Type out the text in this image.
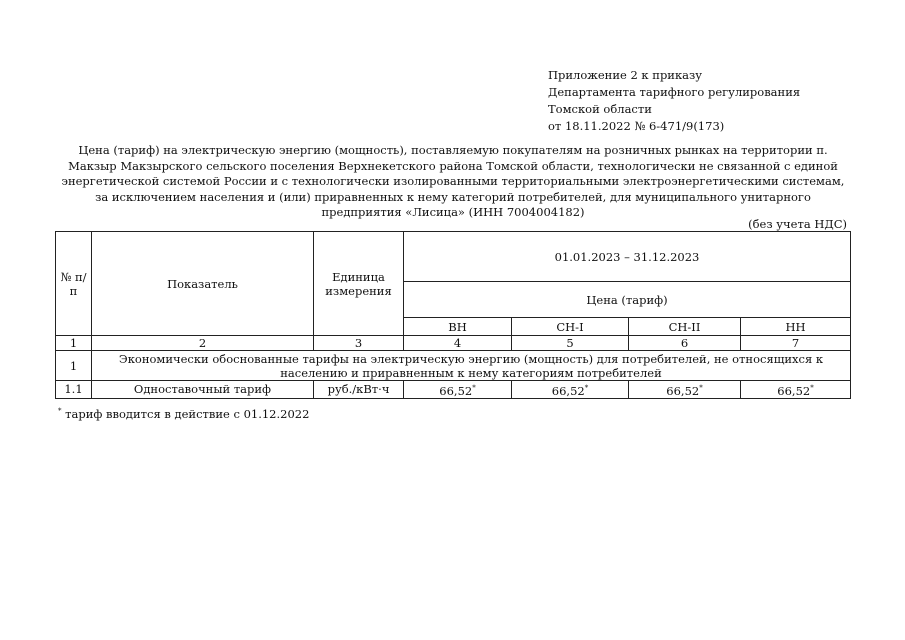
Приложение 2 к приказу
Департамента тарифного регулирования
Томской области
от 18.11.2022 № 6-471/9(173)
Цена (тариф) на электрическую энергию (мощность), поставляемую покупателям на розничных рынках на территории п. Макзыр Макзырского сельского поселения Верхнекетского района Томской области, технологически не связанной с единой энергетической системой России и с технологически изолированными территориальными электроэнергетическими системам, за исключением населения и (или) приравненных к нему категорий потребителей, для муниципального унитарного предприятия «Лисица» (ИНН 7004004182)
(без учета НДС)
№ п/п	Показатель	Единица измерения	01.01.2023 – 31.12.2023			
			Цена (тариф)			
			ВН	СН-I	СН-II	НН
1	2	3	4	5	6	7
1	Экономически обоснованные тарифы на электрическую энергию (мощность) для потребителей, не относящихся к населению и приравненным к нему категориям потребителей					
1.1	Одноставочный тариф	руб./кВт·ч	66,52*	66,52*	66,52*	66,52*
* тариф вводится в действие с 01.12.2022
